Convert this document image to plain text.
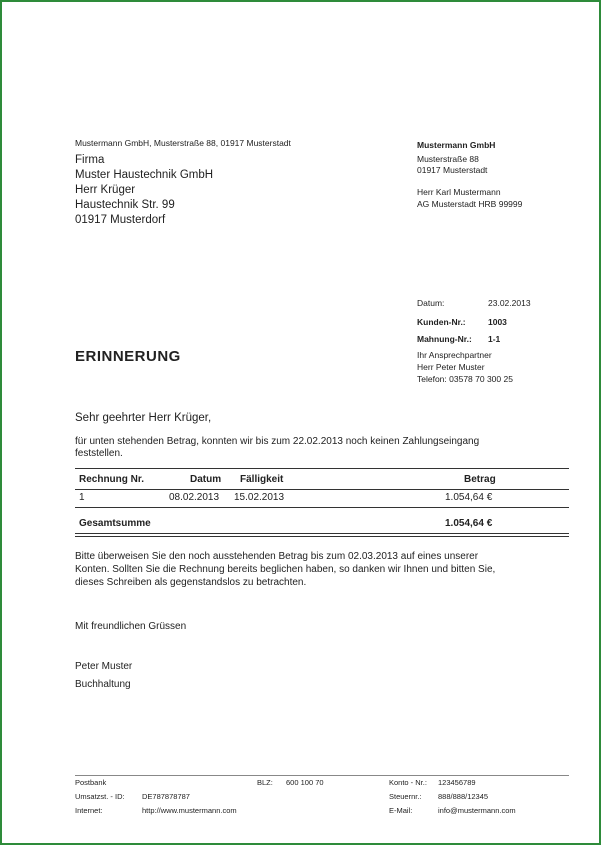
Mustermann GmbH, Musterstraße 88, 01917 Musterstadt
Firma
Muster Haustechnik GmbH
Herr Krüger
Haustechnik Str. 99
01917 Musterdorf
Mustermann GmbH
Musterstraße 88
01917 Musterstadt
Herr Karl Mustermann
AG Musterstadt HRB 99999
Datum:	23.02.2013
Kunden-Nr.:	1003
Mahnung-Nr.: 1-1
Ihr Ansprechpartner
Herr Peter Muster
Telefon: 03578 70 300 25
ERINNERUNG
Sehr geehrter Herr Krüger,
für unten stehenden Betrag, konnten wir bis zum 22.02.2013 noch keinen Zahlungseingang
feststellen.
Rechnung Nr.	Datum Fälligkeit	Betrag
1	08.02.2013 15.02.2013	1.054,64 €
Gesamtsumme	1.054,64 €
Bitte überweisen Sie den noch ausstehenden Betrag bis zum 02.03.2013 auf eines unserer
Konten. Sollten Sie die Rechnung bereits beglichen haben, so danken wir Ihnen und bitten Sie,
dieses Schreiben als gegenstandslos zu betrachten.
Mit freundlichen Grüssen
Peter Muster
Buchhaltung
Postbank
Umsatzst. - ID: DE787878787
Internet:	http://www.mustermann.com
BLZ: 600 100 70	Konto - Nr.: 123456789
Steuernr.: 888/888/12345
E-Mail:	info@mustermann.com
